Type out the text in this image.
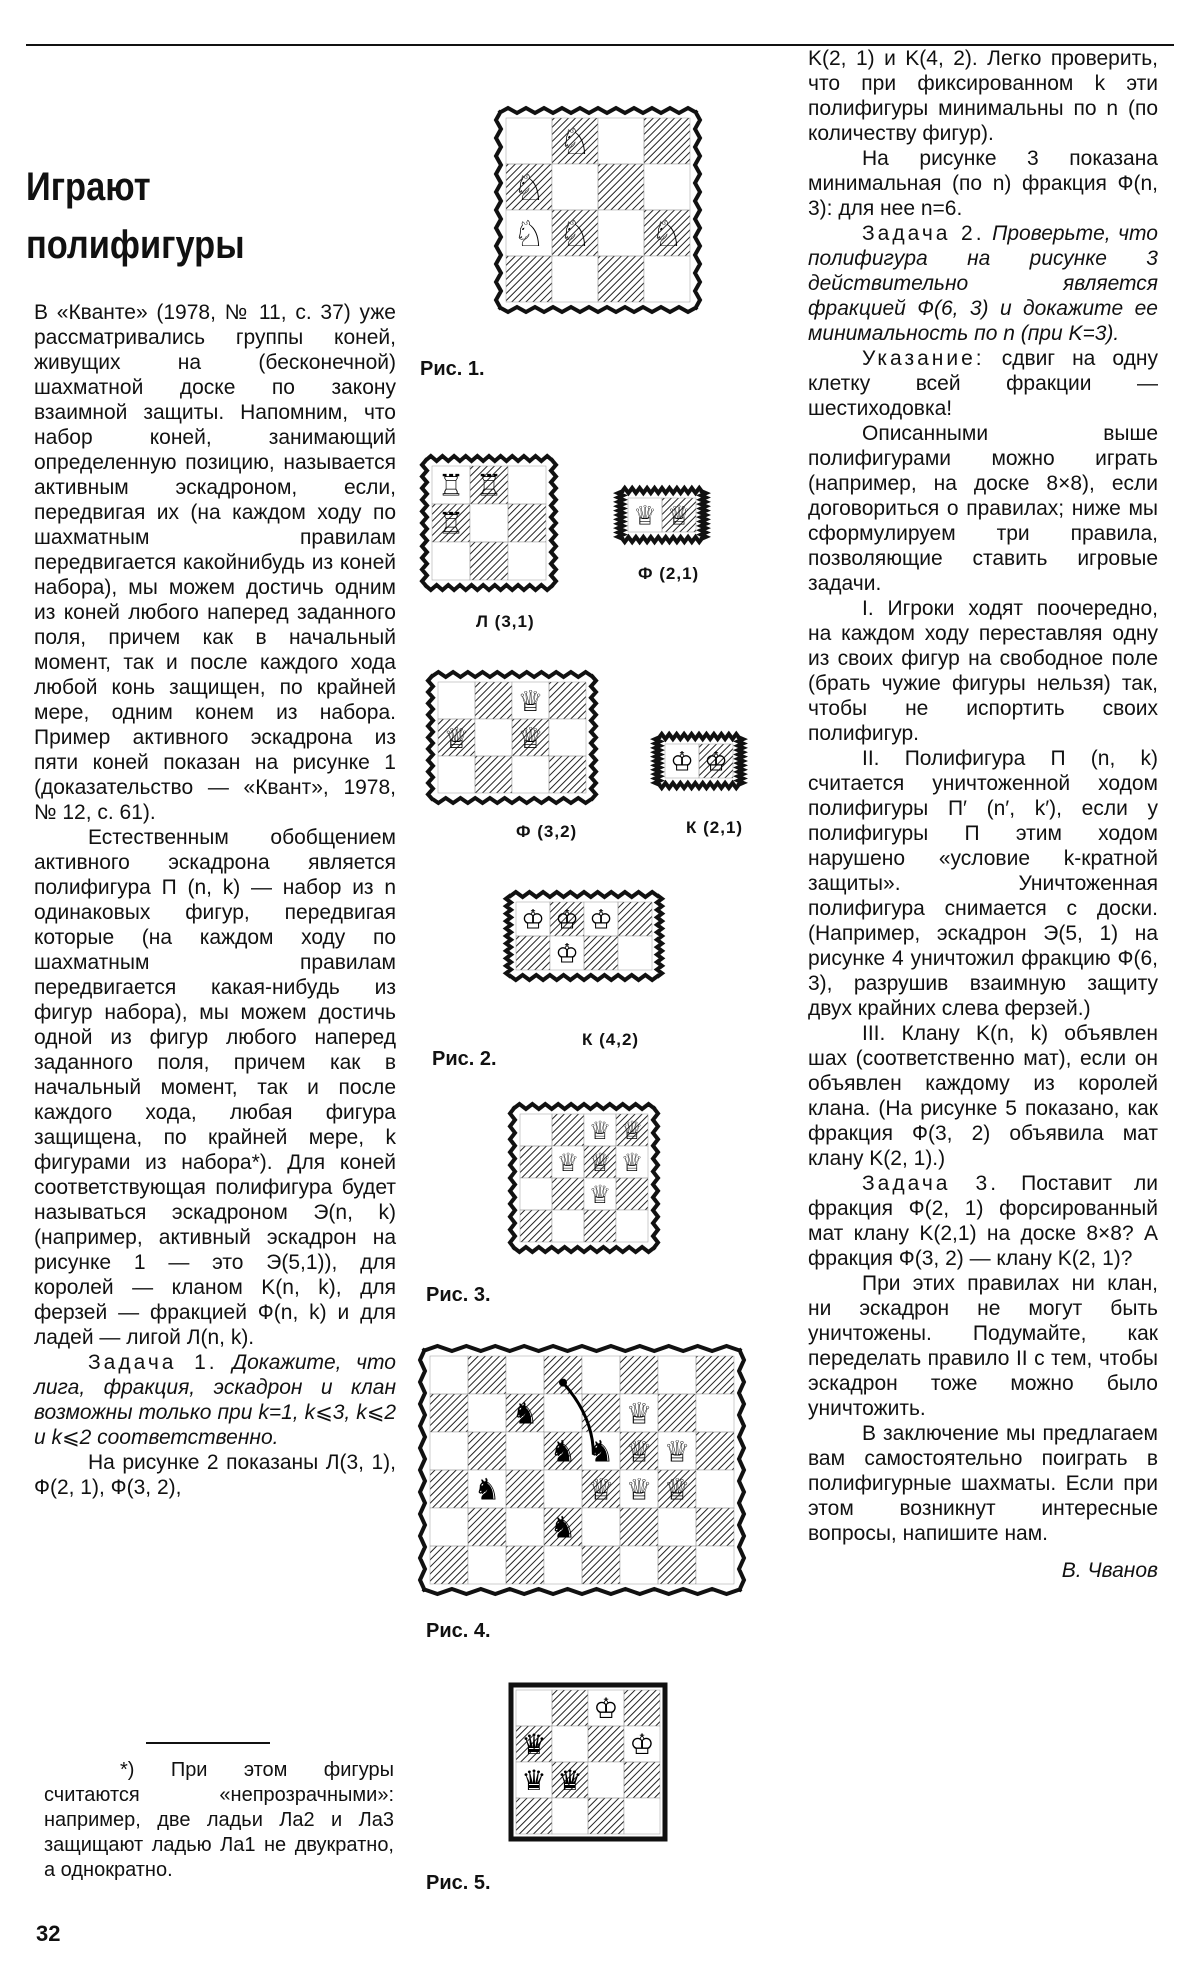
Играют полифигуры

В «Кванте» (1978, № 11, с. 37) уже рассматривались группы коней, живущих на (бесконечной) шахматной доске по закону взаимной защиты. Напомним, что набор коней, занимающий определенную позицию, называется активным эскадроном, если, передвигая их (на каждом ходу по шахматным правилам передвигается какойнибудь из коней набора), мы можем достичь одним из коней любого наперед заданного поля, причем как в начальный момент, так и после каждого хода любой конь защищен, по крайней мере, одним конем из набора. Пример активного эскадрона из пяти коней показан на рисунке 1 (доказательство — «Квант», 1978, № 12, с. 61).

Естественным обобщением активного эскадрона является полифигура П (n, k) — набор из n одинаковых фигур, передвигая которые (на каждом ходу по шахматным правилам передвигается какая-нибудь из фигур набора), мы можем достичь одной из фигур любого наперед заданного поля, причем как в начальный момент, так и после каждого хода, любая фигура защищена, по крайней мере, k фигурами из набора*). Для коней соответствующая полифигура будет называться эскадроном Э(n, k) (например, активный эскадрон на рисунке 1 — это Э(5,1)), для королей — кланом K(n, k), для ферзей — фракцией Ф(n, k) и для ладей — лигой Л(n, k).

Задача 1. Докажите, что лига, фракция, эскадрон и клан возможны только при k=1, k⩽3, k⩽2 и k⩽2 соответственно.

На рисунке 2 показаны Л(3, 1), Ф(2, 1), Ф(3, 2),

*) При этом фигуры считаются «непрозрачными»: например, две ладьи Ла2 и Ла3 защищают ладью Ла1 не двукратно, а однократно.

K(2, 1) и K(4, 2). Легко проверить, что при фиксированном k эти полифигуры минимальны по n (по количеству фигур).

На рисунке 3 показана минимальная (по n) фракция Ф(n, 3): для нее n=6.

Задача 2. Проверьте, что полифигура на рисунке 3 действительно является фракцией Ф(6, 3) и докажите ее минимальность по n (при K=3).

Указание: сдвиг на одну клетку всей фракции — шестиходовка!

Описанными выше полифигурами можно играть (например, на доске 8×8), если договориться о правилах; ниже мы сформулируем три правила, позволяющие ставить игровые задачи.

I. Игроки ходят поочередно, на каждом ходу переставляя одну из своих фигур на свободное поле (брать чужие фигуры нельзя) так, чтобы не испортить своих полифигур.

II. Полифигура П (n, k) считается уничтоженной ходом полифигуры П′ (n′, k′), если у полифигуры П этим ходом нарушено «условие k-кратной защиты». Уничтоженная полифигура снимается с доски. (Например, эскадрон Э(5, 1) на рисунке 4 уничтожил фракцию Ф(6, 3), разрушив взаимную защиту двух крайних слева ферзей.)

III. Клану K(n, k) объявлен шах (соответственно мат), если он объявлен каждому из королей клана. (На рисунке 5 показано, как фракция Ф(3, 2) объявила мат клану K(2, 1).)

Задача 3. Поставит ли фракция Ф(2, 1) форсированный мат клану K(2,1) на доске 8×8? А фракция Ф(3, 2) — клану K(2, 1)?

При этих правилах ни клан, ни эскадрон не могут быть уничтожены. Подумайте, как переделать правило II с тем, чтобы эскадрон тоже можно было уничтожить.

В заключение мы предлагаем вам самостоятельно поиграть в полифигурные шахматы. Если при этом возникнут интересные вопросы, напишите нам.

В. Чванов
♘
♘
♘ ♘
♘
Рис. 1.
♖ ♖
♖
Л (3,1)
♕ ♕
Ф (2,1)
♕
♕ ♕
Ф (3,2)
♔ ♔
К (2,1)
♔ ♔ ♔
♔
К (4,2)
Рис. 2.
♕ ♕
♕ ♕ ♕
♕
Рис. 3.
♞
♞ ♞
♞
♞
♕
♕
♕
♕ ♕
♕
Рис. 4.
♔
♛	♔
♛ ♛
Рис. 5.
32
